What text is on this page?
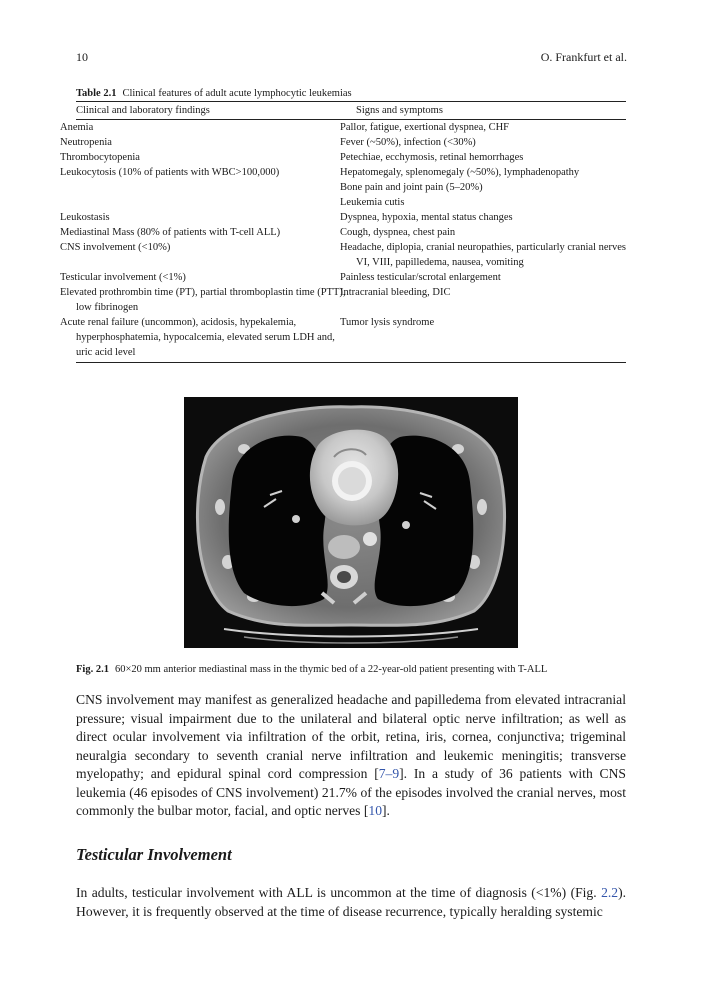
10	O. Frankfurt et al.
Table 2.1 Clinical features of adult acute lymphocytic leukemias
Clinical and laboratory findings	Signs and symptoms
Anemia	Pallor, fatigue, exertional dyspnea, CHF
Neutropenia	Fever (~50%), infection (<30%)
Thrombocytopenia	Petechiae, ecchymosis, retinal hemorrhages
Leukocytosis (10% of patients with WBC>100,000)	Hepatomegaly, splenomegaly (~50%), lymphadenopathy
	Bone pain and joint pain (5–20%)
	Leukemia cutis
Leukostasis	Dyspnea, hypoxia, mental status changes
Mediastinal Mass (80% of patients with T-cell ALL)	Cough, dyspnea, chest pain
CNS involvement (<10%)	Headache, diplopia, cranial neuropathies, particularly cranial nerves VI, VIII, papilledema, nausea, vomiting
Testicular involvement (<1%)	Painless testicular/scrotal enlargement
Elevated prothrombin time (PT), partial thromboplastin time (PTT), low fibrinogen	Intracranial bleeding, DIC
Acute renal failure (uncommon), acidosis, hypekalemia, hyperphosphatemia, hypocalcemia, elevated serum LDH and, uric acid level	Tumor lysis syndrome
Fig. 2.1 60×20 mm anterior mediastinal mass in the thymic bed of a 22-year-old patient presenting with T-ALL

CNS involvement may manifest as generalized headache and papilledema from elevated intracranial pressure; visual impairment due to the unilateral and bilateral optic nerve infiltration; as well as direct ocular involvement via infiltration of the orbit, retina, iris, cornea, conjunctiva; trigeminal neuralgia secondary to seventh cranial nerve infiltration and leukemic meningitis; transverse myelopathy; and epidural spinal cord compression [7–9]. In a study of 36 patients with CNS leukemia (46 episodes of CNS involvement) 21.7% of the episodes involved the cranial nerves, most commonly the bulbar motor, facial, and optic nerves [10].

Testicular Involvement

In adults, testicular involvement with ALL is uncommon at the time of diagnosis (<1%) (Fig. 2.2). However, it is frequently observed at the time of disease recurrence, typically heralding systemic
